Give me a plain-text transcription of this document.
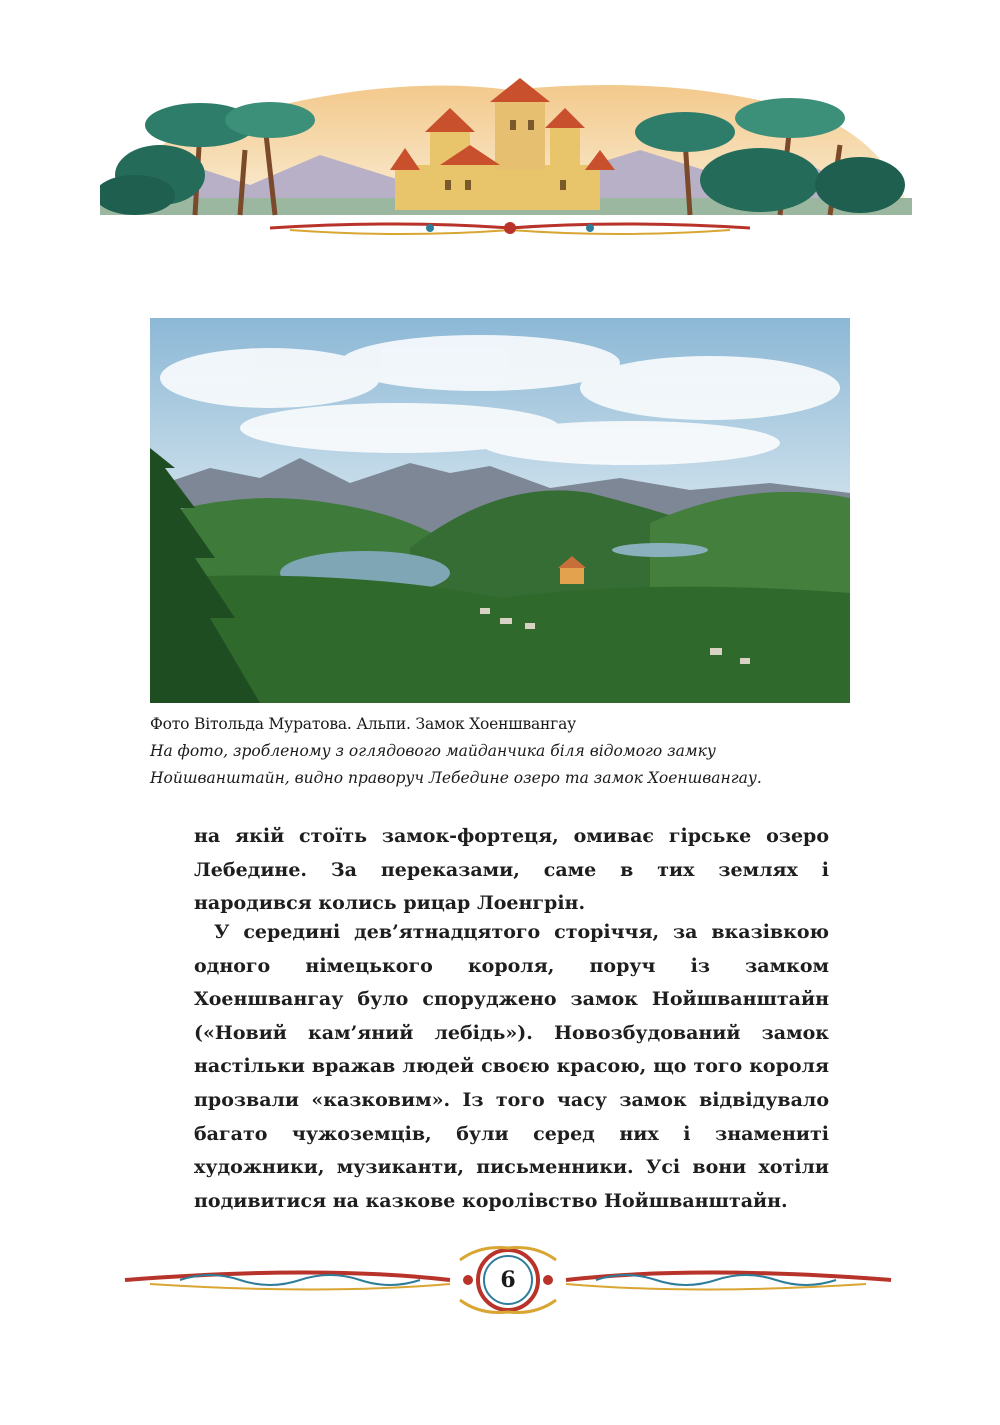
Фото Вітольда Муратова. Альпи. Замок Хоеншвангау
На фото, зробленому з оглядового майданчика біля відомого замку
Нойшванштайн, видно праворуч Лебедине озеро та замок Хоеншвангау.

на якій стоїть замок-фортеця, омиває гірське озеро Лебедине. За переказами, саме в тих землях і народився колись рицар Лоенгрін.

У середині дев’ятнадцятого сторіччя, за вказівкою одного німецького короля, поруч із замком Хоеншвангау було споруджено замок Нойшванштайн («Новий кам’яний лебідь»). Новозбудований замок настільки вражав людей своєю красою, що того короля прозвали «казковим». Із того часу замок відвідувало багато чужоземців, були серед них і знамениті художники, музиканти, письменники. Усі вони хотіли подивитися на казкове королівство Нойшванштайн.

6
